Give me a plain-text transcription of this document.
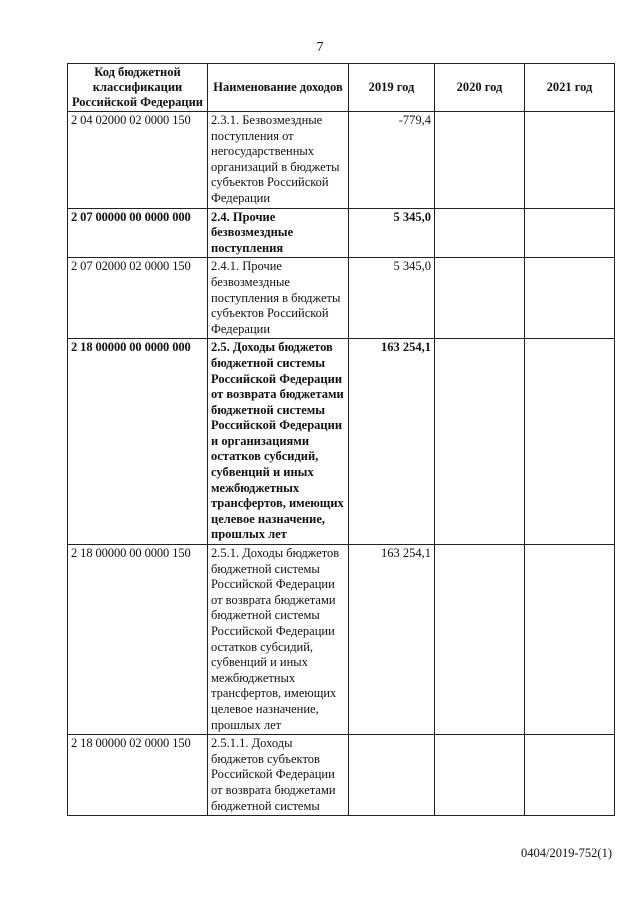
7
Код бюджетной классификации Российской Федерации	Наименование доходов	2019 год	2020 год	2021 год
2 04 02000 02 0000 150	2.3.1. Безвозмездные поступления от негосударственных организаций в бюджеты субъектов Российской Федерации	-779,4		
2 07 00000 00 0000 000	2.4. Прочие безвозмездные поступления	5 345,0		
2 07 02000 02 0000 150	2.4.1. Прочие безвозмездные поступления в бюджеты субъектов Российской Федерации	5 345,0		
2 18 00000 00 0000 000	2.5. Доходы бюджетов бюджетной системы Российской Федерации от возврата бюджетами бюджетной системы Российской Федерации и организациями остатков субсидий, субвенций и иных межбюджетных трансфертов, имеющих целевое назначение, прошлых лет	163 254,1		
2 18 00000 00 0000 150	2.5.1. Доходы бюджетов бюджетной системы Российской Федерации от возврата бюджетами бюджетной системы Российской Федерации остатков субсидий, субвенций и иных межбюджетных трансфертов, имеющих целевое назначение, прошлых лет	163 254,1		
2 18 00000 02 0000 150	2.5.1.1. Доходы бюджетов субъектов Российской Федерации от возврата бюджетами бюджетной системы			
0404/2019-752(1)
